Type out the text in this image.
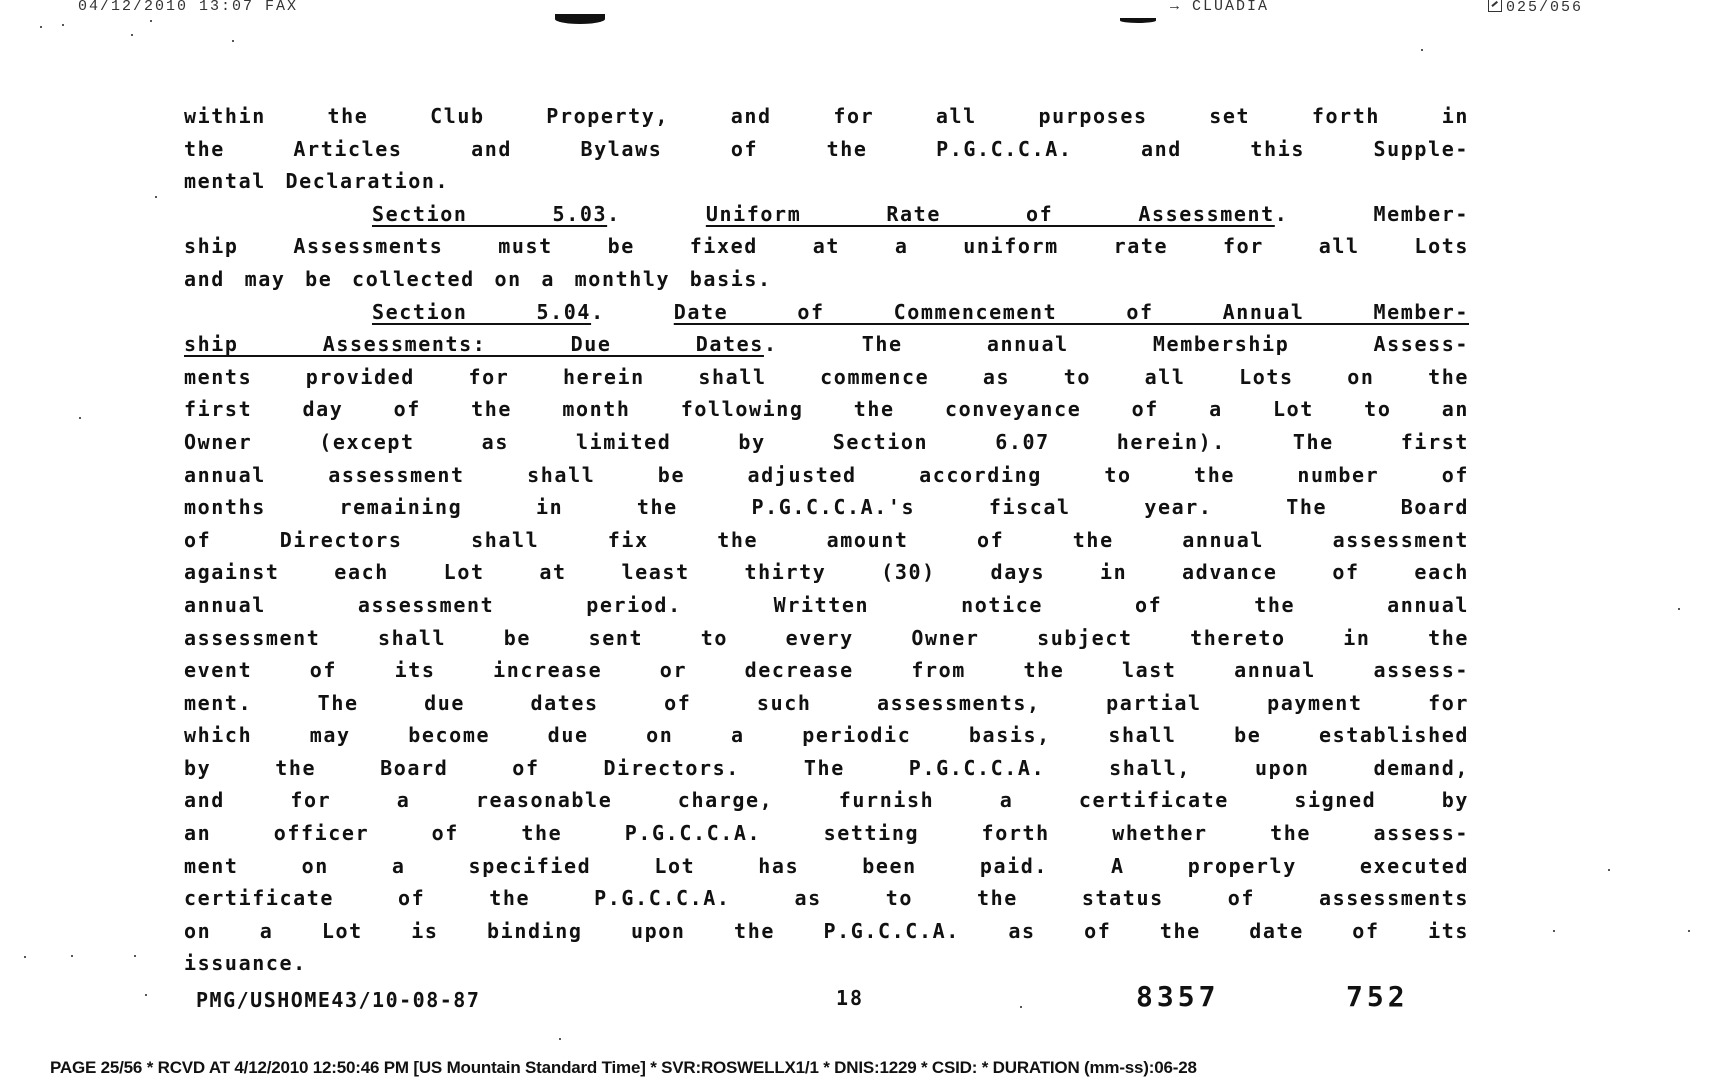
04/12/2010 13:07 FAX	→ CLUADIA	025/056
within the Club Property, and for all purposes set forth in
the Articles and Bylaws of the P.G.C.C.A. and this Supple-
mental Declaration.
Section 5.03 . Uniform Rate of Assessment . Member-
ship Assessments must be fixed at a uniform rate for all Lots
and may be collected on a monthly basis.
Section 5.04 . Date of Commencement of Annual Member-
ship Assessments: Due Dates . The annual Membership Assess-
ments provided for herein shall commence as to all Lots on the
first day of the month following the conveyance of a Lot to an
Owner (except as limited by Section 6.07 herein). The first
annual assessment shall be adjusted according to the number of
months remaining in the P.G.C.C.A.'s fiscal year. The Board
of Directors shall fix the amount of the annual assessment
against each Lot at least thirty (30) days in advance of each
annual assessment period. Written notice of the annual
assessment shall be sent to every Owner subject thereto in the
event of its increase or decrease from the last annual assess-
ment. The due dates of such assessments, partial payment for
which may become due on a periodic basis, shall be established
by the Board of Directors. The P.G.C.C.A. shall, upon demand,
and for a reasonable charge, furnish a certificate signed by
an officer of the P.G.C.C.A. setting forth whether the assess-
ment on a specified Lot has been paid. A properly executed
certificate of the P.G.C.C.A. as to the status of assessments
on a Lot is binding upon the P.G.C.C.A. as of the date of its
issuance.
PMG/USHOME43/10-08-87	18	8357	752
PAGE 25/56 * RCVD AT 4/12/2010 12:50:46 PM [US Mountain Standard Time] * SVR:ROSWELLX1/1 * DNIS:1229 * CSID: * DURATION (mm-ss):06-28
